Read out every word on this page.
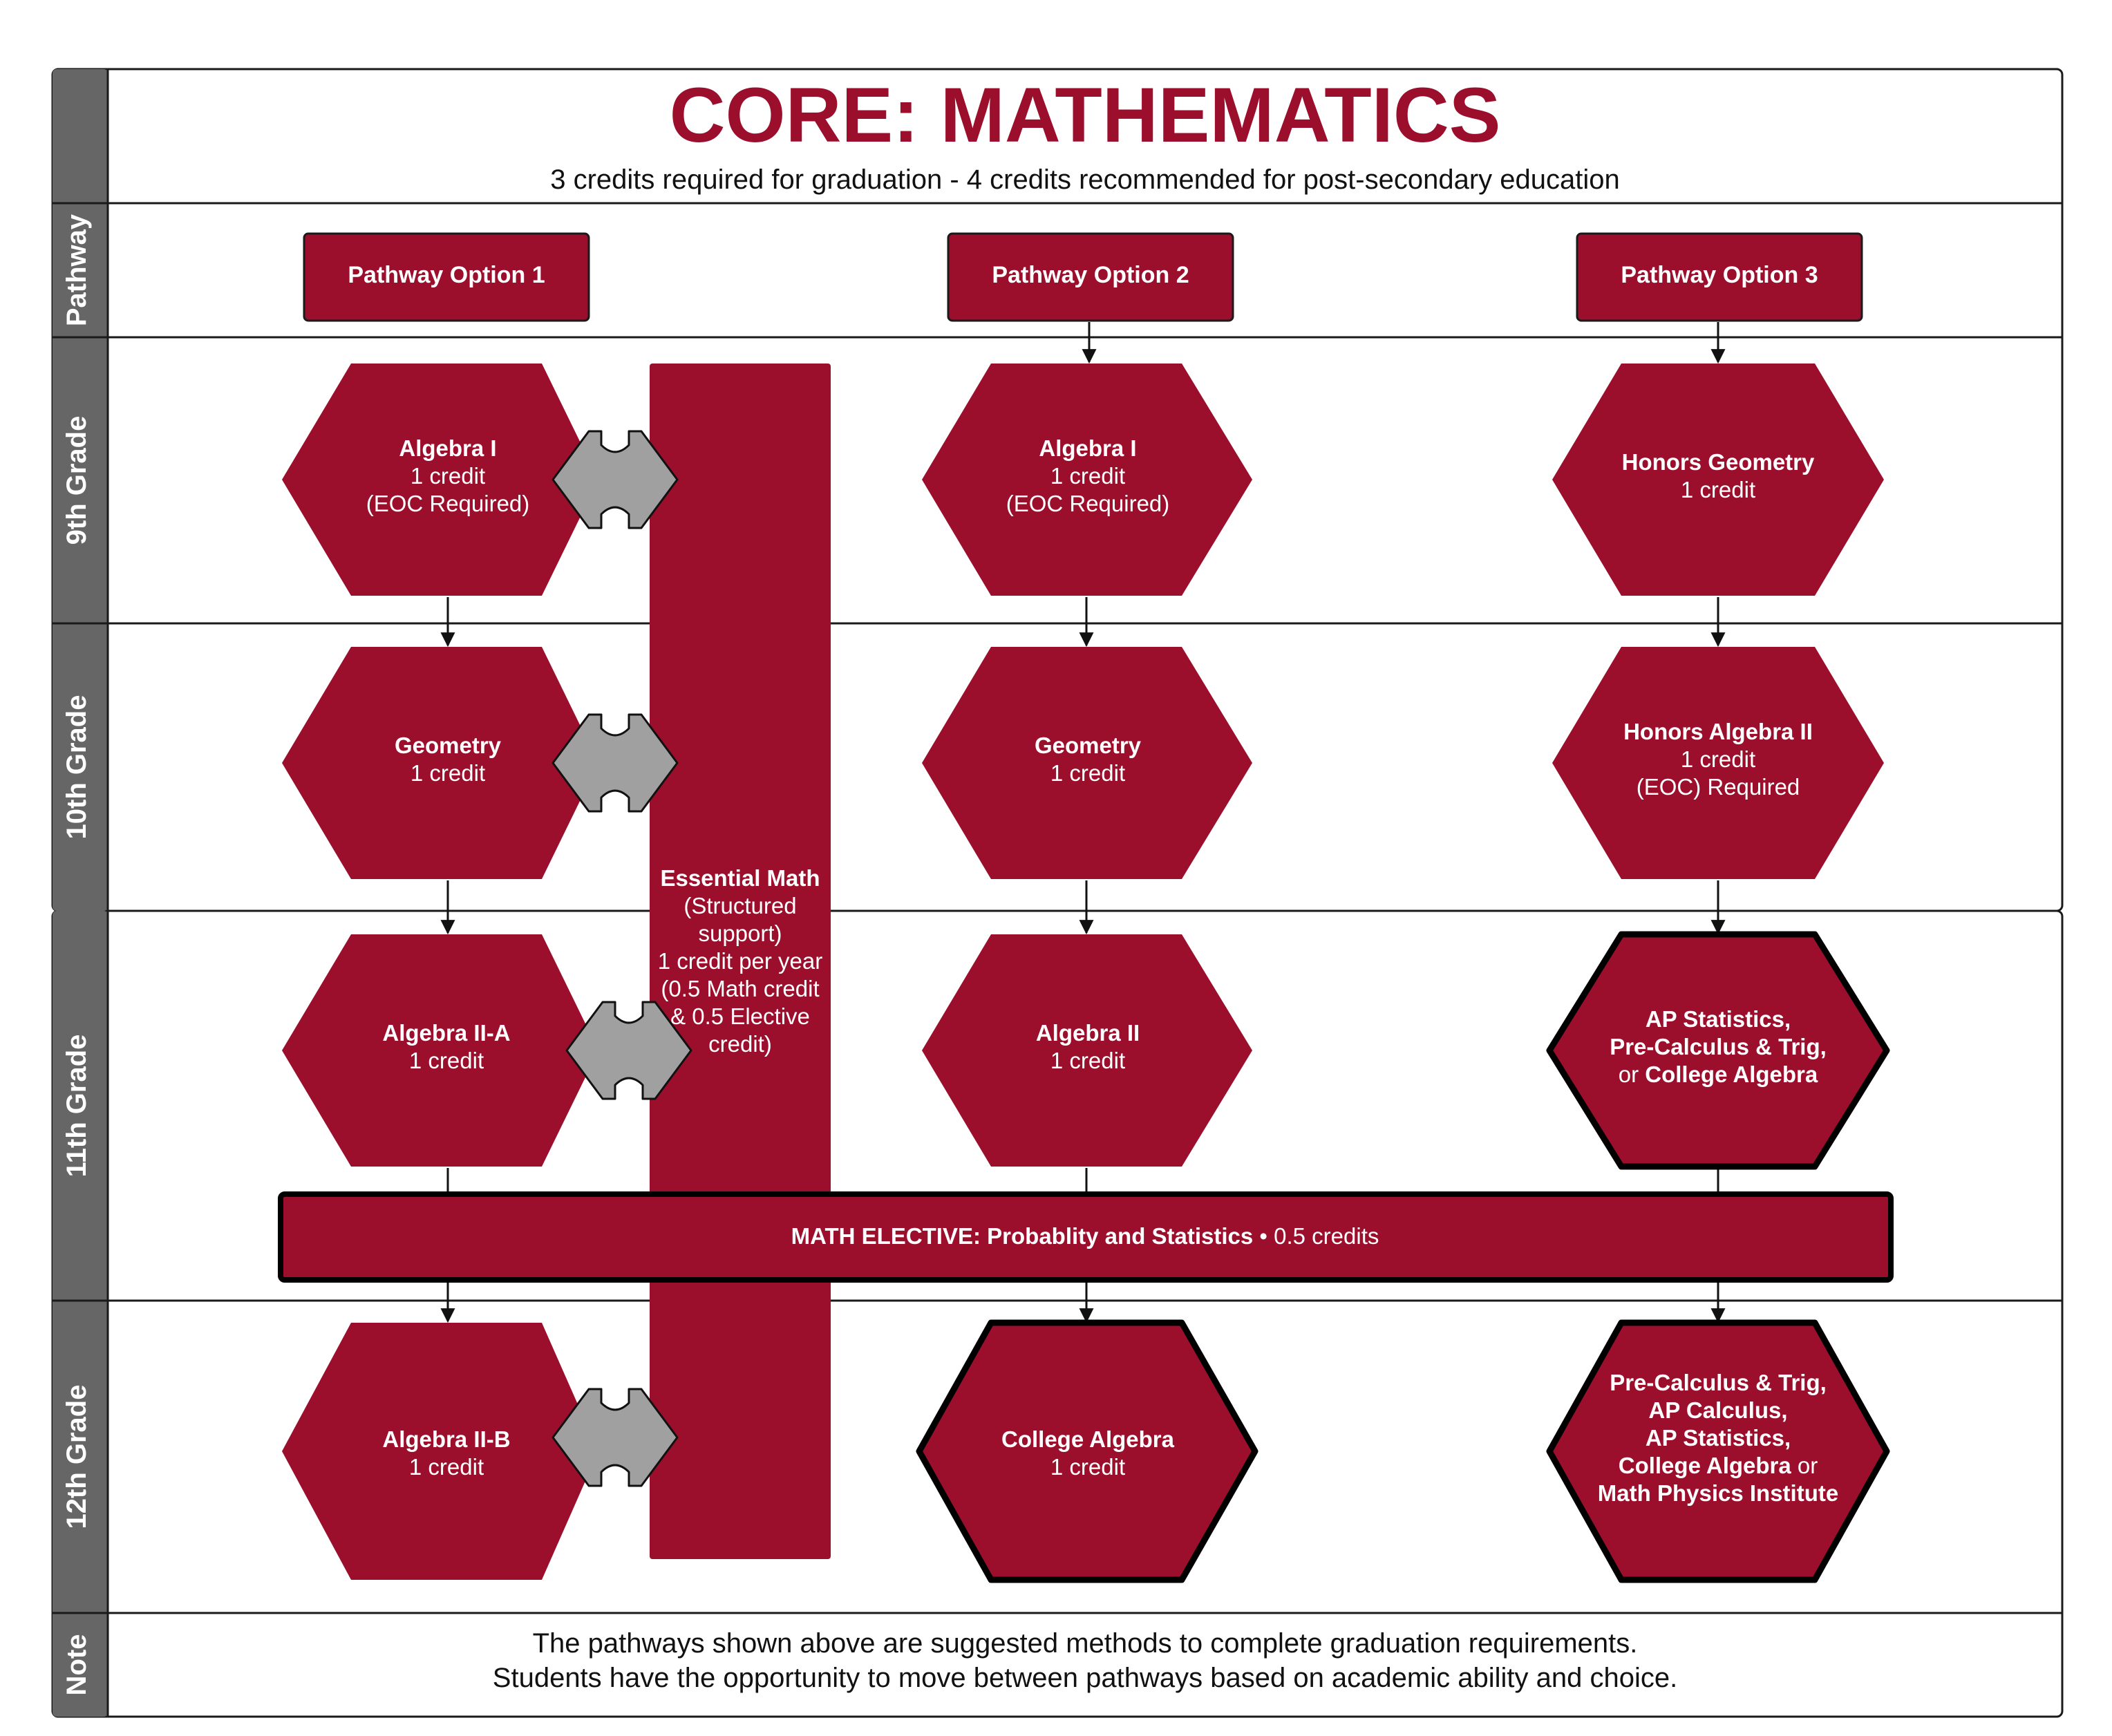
Pathway
9th Grade
10th Grade
11th Grade
12th Grade
Note
CORE: MATHEMATICS
3 credits required for graduation - 4 credits recommended for post-secondary education
Pathway Option 1	Pathway Option 2	Pathway Option 3
Algebra I
1 credit
(EOC Required)
Geometry
1 credit
Algebra II-A
1 credit
Algebra II-B
1 credit
Algebra I
1 credit
(EOC Required)
Geometry
1 credit
Algebra II
1 credit
College Algebra
1 credit
Honors Geometry
1 credit
Honors Algebra II
1 credit
(EOC) Required
AP Statistics,
Pre-Calculus & Trig,
or College Algebra
Pre-Calculus & Trig,
AP Calculus,
AP Statistics,
College Algebra or
Math Physics Institute
Essential Math
(Structured
support)
1 credit per year
(0.5 Math credit
& 0.5 Elective
credit)
MATH ELECTIVE: Probablity and Statistics • 0.5 credits
The pathways shown above are suggested methods to complete graduation requirements.
Students have the opportunity to move between pathways based on academic ability and choice.
